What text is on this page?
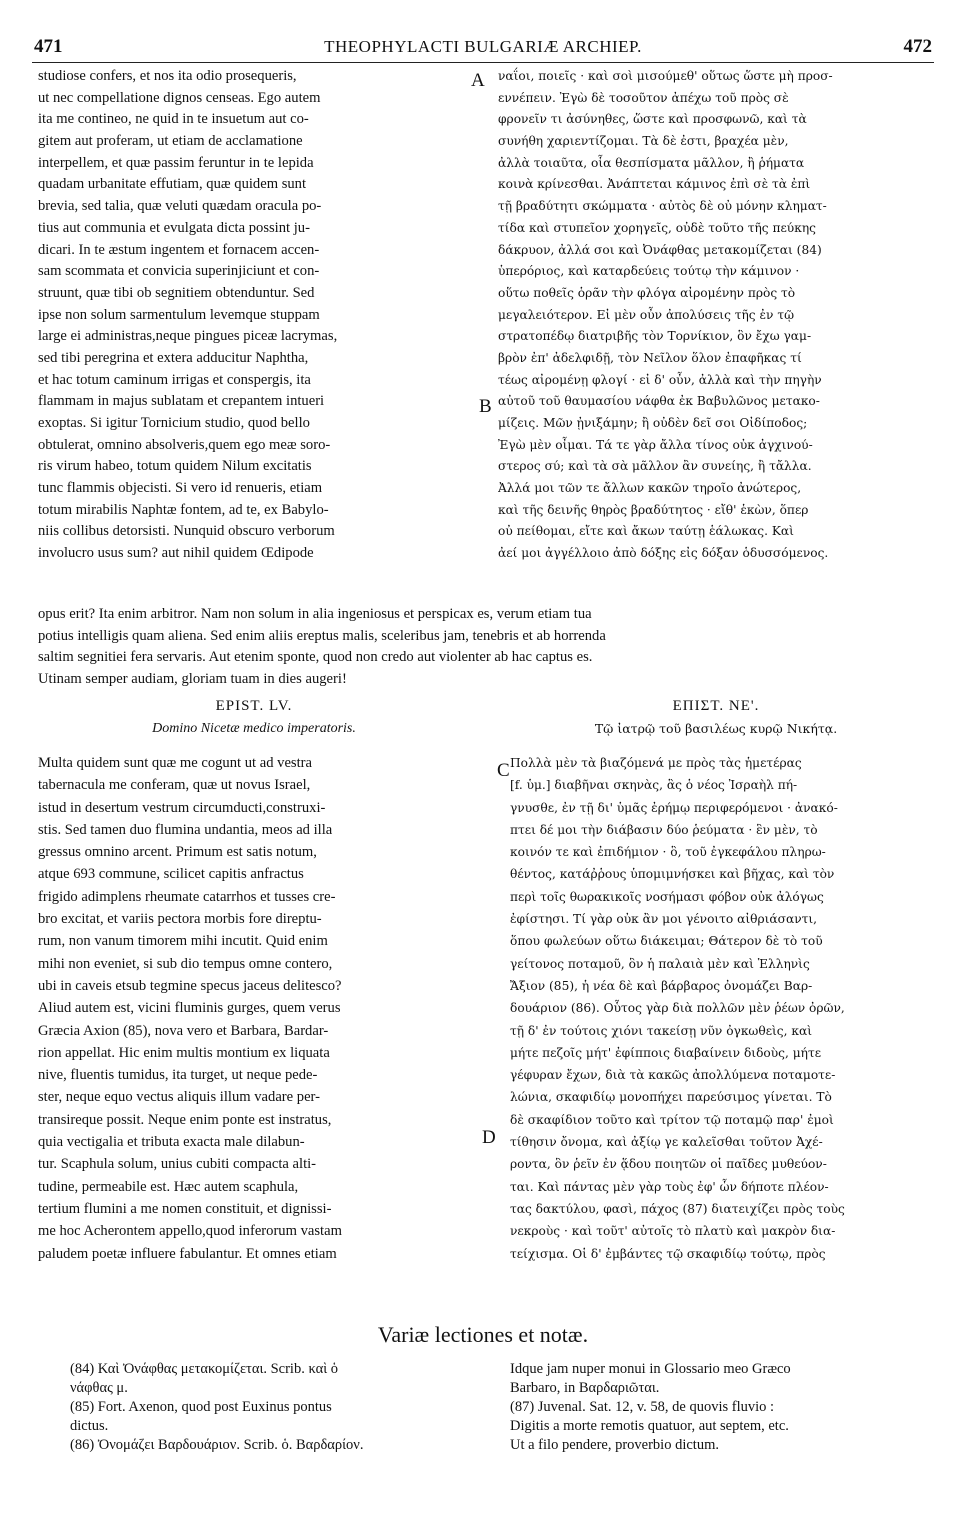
471	THEOPHYLACTI BULGARIÆ ARCHIEP.	472
A
B
C
D
studiose confers, et nos ita odio prosequeris,
ut nec compellatione dignos censeas. Ego autem
ita me contineo, ne quid in te insuetum aut co-
gitem aut proferam, ut etiam de acclamatione
interpellem, et quæ passim feruntur in te lepida
quadam urbanitate effutiam, quæ quidem sunt
brevia, sed talia, quæ veluti quædam oracula po-
tius aut communia et evulgata dicta possint ju-
dicari. In te æstum ingentem et fornacem accen-
sam scommata et convicia superinjiciunt et con-
struunt, quæ tibi ob segnitiem obtenduntur. Sed
ipse non solum sarmentulum levemque stuppam
large ei administras,neque pingues piceæ lacrymas,
sed tibi peregrina et extera adducitur Naphtha,
et hac totum caminum irrigas et conspergis, ita
flammam in majus sublatam et crepantem intueri
exoptas. Si igitur Tornicium studio, quod bello
obtulerat, omnino absolveris,quem ego meæ soro-
ris virum habeo, totum quidem Nilum excitatis
tunc flammis objecisti. Si vero id renueris, etiam
totum mirabilis Naphtæ fontem, ad te, ex Babylo-
niis collibus detorsisti. Nunquid obscuro verborum
involucro usus sum? aut nihil quidem Œdipode
ναΐοι, ποιεῖς · καὶ σοὶ μισούμεθ' οὕτως ὥστε μὴ προσ-
εννέπειν. Ἐγὼ δὲ τοσοῦτον ἀπέχω τοῦ πρὸς σὲ
φρονεῖν τι ἀσύνηθες, ὥστε καὶ προσφωνῶ, καὶ τὰ
συνήθη χαριεντίζομαι. Τὰ δὲ ἐστι, βραχέα μὲν,
ἀλλὰ τοιαῦτα, οἷα θεσπίσματα μᾶλλον, ἢ ῥήματα
κοινὰ κρίνεσθαι. Ἀνάπτεται κάμινος ἐπὶ σὲ τὰ ἐπὶ
τῇ βραδύτητι σκώμματα · αὐτὸς δὲ οὐ μόνην κληματ-
τίδα καὶ στυπεῖον χορηγεῖς, οὐδὲ τοῦτο τῆς πεύκης
δάκρυον, ἀλλά σοι καὶ Ὀνάφθας μετακομίζεται (84)
ὑπερόριος, καὶ καταρδεύεις τούτῳ τὴν κάμινον ·
οὕτω ποθεῖς ὁρᾶν τὴν φλόγα αἰρομένην πρὸς τὸ
μεγαλειότερον. Εἰ μὲν οὖν ἀπολύσεις τῆς ἐν τῷ
στρατοπέδῳ διατριβῆς τὸν Τορνίκιον, ὃν ἔχω γαμ-
βρὸν ἐπ' ἀδελφιδῇ, τὸν Νεῖλον ὅλον ἐπαφῆκας τί
τέως αἰρομένῃ φλογί · εἰ δ' οὖν, ἀλλὰ καὶ τὴν πηγὴν
αὐτοῦ τοῦ θαυμασίου νάφθα ἐκ Βαβυλῶνος μετακο-
μίζεις. Μῶν ᾐνιξάμην; ἢ οὐδὲν δεῖ σοι Οἰδίποδος;
Ἐγὼ μὲν οἶμαι. Τά τε γὰρ ἄλλα τίνος οὐκ ἀγχινού-
στερος σύ; καὶ τὰ σὰ μᾶλλον ἂν συνείης, ἢ τἄλλα.
Ἀλλά μοι τῶν τε ἄλλων κακῶν τηροῖο ἀνώτερος,
καὶ τῆς δεινῆς θηρὸς βραδύτητος · εἴθ' ἑκὼν, ὅπερ
οὐ πείθομαι, εἴτε καὶ ἄκων ταύτῃ ἑάλωκας. Καὶ
ἀεί μοι ἀγγέλλοιο ἀπὸ δόξης εἰς δόξαν ὁδυσσόμενος.
opus erit? Ita enim arbitror. Nam non solum in alia ingeniosus et perspicax es, verum etiam tua
potius intelligis quam aliena. Sed enim aliis ereptus malis, sceleribus jam, tenebris et ab horrenda
saltim segnitiei fera servaris. Aut etenim sponte, quod non credo aut violenter ab hac captus es.
Utinam semper audiam, gloriam tuam in dies augeri!
EPIST. LV.
Domino Nicetæ medico imperatoris.
ΕΠΙΣΤ. ΝΕ'.
Τῷ ἰατρῷ τοῦ βασιλέως κυρῷ Νικήτᾳ.
Multa quidem sunt quæ me cogunt ut ad vestra
tabernacula me conferam, quæ ut novus Israel,
istud in desertum vestrum circumducti,construxi-
stis. Sed tamen duo flumina undantia, meos ad illa
gressus omnino arcent. Primum est satis notum,
atque 693 commune, scilicet capitis anfractus
frigido adimplens rheumate catarrhos et tusses cre-
bro excitat, et variis pectora morbis fore direptu-
rum, non vanum timorem mihi incutit. Quid enim
mihi non eveniet, si sub dio tempus omne contero,
ubi in caveis etsub tegmine specus jaceus delitesco?
Aliud autem est, vicini fluminis gurges, quem verus
Græcia Axion (85), nova vero et Barbara, Bardar-
rion appellat. Hic enim multis montium ex liquata
nive, fluentis tumidus, ita turget, ut neque pede-
ster, neque equo vectus aliquis illum vadare per-
transireque possit. Neque enim ponte est instratus,
quia vectigalia et tributa exacta male dilabun-
tur. Scaphula solum, unius cubiti compacta alti-
tudine, permeabile est. Hæc autem scaphula,
tertium flumini a me nomen constituit, et dignissi-
me hoc Acherontem appello,quod inferorum vastam
paludem poetæ influere fabulantur. Et omnes etiam
Πολλὰ μὲν τὰ βιαζόμενά με πρὸς τὰς ἡμετέρας
[f. ὑμ.] διαβῆναι σκηνὰς, ἃς ὁ νέος Ἰσραὴλ πή-
γνυσθε, ἐν τῇ δι' ὑμᾶς ἐρήμῳ περιφερόμενοι · ἀνακό-
πτει δέ μοι τὴν διάβασιν δύο ῥεύματα · ἓν μὲν, τὸ
κοινόν τε καὶ ἐπιδήμιον · ὃ, τοῦ ἐγκεφάλου πληρω-
θέντος, κατάῤῥους ὑπομιμνήσκει καὶ βῆχας, καὶ τὸν
περὶ τοῖς θωρακικοῖς νοσήμασι φόβον οὐκ ἀλόγως
ἐφίστησι. Τί γὰρ οὐκ ἂν μοι γένοιτο αἰθριάσαντι,
ὅπου φωλεύων οὕτω διάκειμαι; Θάτερον δὲ τὸ τοῦ
γείτονος ποταμοῦ, ὃν ἡ παλαιὰ μὲν καὶ Ἑλληνὶς
Ἄξιον (85), ἡ νέα δὲ καὶ βάρβαρος ὀνομάζει Βαρ-
δουάριον (86). Οὗτος γὰρ διὰ πολλῶν μὲν ῥέων ὀρῶν,
τῇ δ' ἐν τούτοις χιόνι τακείσῃ νῦν ὀγκωθεὶς, καὶ
μήτε πεζοῖς μήτ' ἐφίπποις διαβαίνειν διδοὺς, μήτε
γέφυραν ἔχων, διὰ τὰ κακῶς ἀπολλύμενα ποταμοτε-
λώνια, σκαφιδίῳ μονοπήχει παρεύσιμος γίνεται. Τὸ
δὲ σκαφίδιον τοῦτο καὶ τρίτον τῷ ποταμῷ παρ' ἐμοὶ
τίθησιν ὄνομα, καὶ ἀξίῳ γε καλεῖσθαι τοῦτον Ἀχέ-
ροντα, ὃν ῥεῖν ἐν ᾅδου ποιητῶν οἱ παῖδες μυθεύον-
ται. Καὶ πάντας μὲν γὰρ τοὺς ἐφ' ὧν δήποτε πλέον-
τας δακτύλου, φασὶ, πάχος (87) διατειχίζει πρὸς τοὺς
νεκροὺς · καὶ τοῦτ' αὐτοῖς τὸ πλατὺ καὶ μακρὸν δια-
τείχισμα. Οἱ δ' ἐμβάντες τῷ σκαφιδίῳ τούτῳ, πρὸς
Variæ lectiones et notæ.
(84) Καὶ Ὀνάφθας μετακομίζεται. Scrib. καὶ ὁ
νάφθας μ.
(85) Fort. Axenon, quod post Euxinus pontus
dictus.
(86) Ὀνομάζει Βαρδουάριον. Scrib. ὁ. Βαρδαρίον.
Idque jam nuper monui in Glossario meo Græco
Barbaro, in Βαρδαριῶται.
(87) Juvenal. Sat. 12, v. 58, de quovis fluvio :
Digitis a morte remotis quatuor, aut septem, etc.
Ut a filo pendere, proverbio dictum.
